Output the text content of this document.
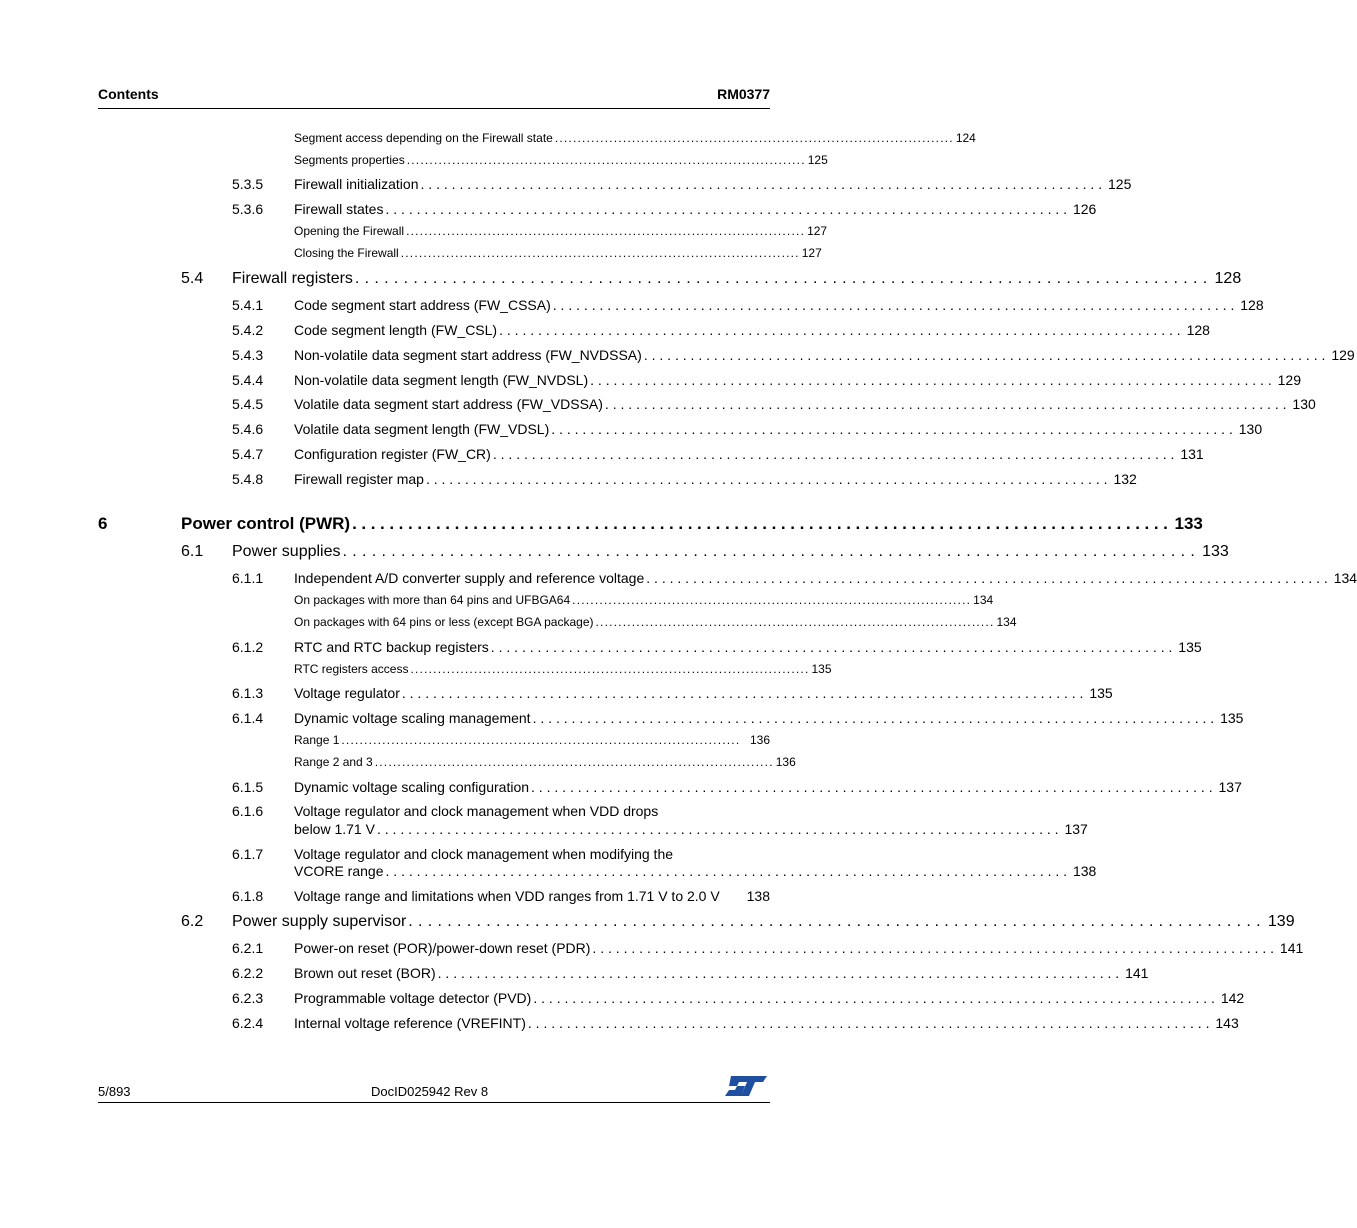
Contents	RM0377
Segment access depending on the Firewall state ........................................................................................ 124
Segments properties ........................................................................................ 125
5.3.5 Firewall initialization ........................................................................................ 125
5.3.6 Firewall states ........................................................................................ 126
Opening the Firewall ........................................................................................ 127
Closing the Firewall ........................................................................................ 127
5.4 Firewall registers ........................................................................................ 128
5.4.1 Code segment start address (FW_CSSA) ........................................................................................ 128
5.4.2 Code segment length (FW_CSL) ........................................................................................ 128
5.4.3 Non-volatile data segment start address (FW_NVDSSA) ........................................................................................ 129
5.4.4 Non-volatile data segment length (FW_NVDSL) ........................................................................................ 129
5.4.5 Volatile data segment start address (FW_VDSSA) ........................................................................................ 130
5.4.6 Volatile data segment length (FW_VDSL) ........................................................................................ 130
5.4.7 Configuration register (FW_CR) ........................................................................................ 131
5.4.8 Firewall register map ........................................................................................ 132
6	Power control (PWR) ........................................................................................ 133
6.1 Power supplies ........................................................................................ 133
6.1.1 Independent A/D converter supply and reference voltage ........................................................................................ 134
On packages with more than 64 pins and UFBGA64 ........................................................................................ 134
On packages with 64 pins or less (except BGA package) ........................................................................................ 134
6.1.2 RTC and RTC backup registers ........................................................................................ 135
RTC registers access ........................................................................................ 135
6.1.3 Voltage regulator ........................................................................................ 135
6.1.4 Dynamic voltage scaling management ........................................................................................ 135
Range 1 ........................................................................................ 136
Range 2 and 3 ........................................................................................ 136
6.1.5 Dynamic voltage scaling configuration ........................................................................................ 137
6.1.6 Voltage regulator and clock management when VDD drops
below 1.71 V ........................................................................................ 137
6.1.7 Voltage regulator and clock management when modifying the
VCORE range ........................................................................................ 138
6.1.8 Voltage range and limitations when VDD ranges from 1.71 V to 2.0 V 138
6.2 Power supply supervisor ........................................................................................ 139
6.2.1 Power-on reset (POR)/power-down reset (PDR) ........................................................................................ 141
6.2.2 Brown out reset (BOR) ........................................................................................ 141
6.2.3 Programmable voltage detector (PVD) ........................................................................................ 142
6.2.4 Internal voltage reference (VREFINT) ........................................................................................ 143
5/893	DocID025942 Rev 8
